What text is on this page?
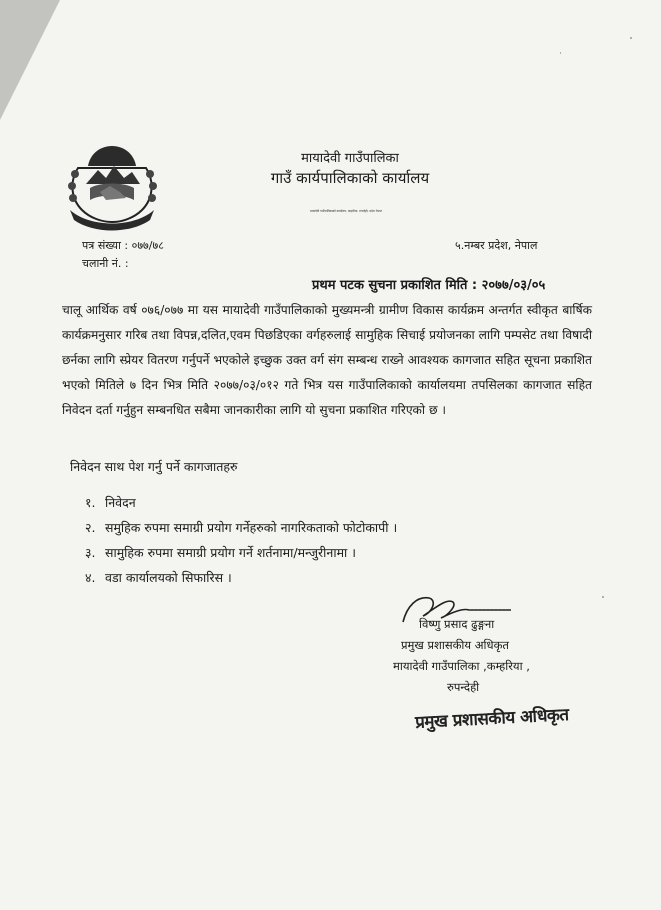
मायादेवी गाउँपालिका
गाउँ कार्यपालिकाको कार्यालय
मायादेवी गाउँपालिकाको कार्यालय, कम्हरिया, रुपन्देही, प्रदेश नेपाल
पत्र संख्या : ०७७/७८
चलानी नं. :
५.नम्बर प्रदेश, नेपाल
प्रथम पटक सुचना प्रकाशित मिति : २०७७/०३/०५
चालू आर्थिक वर्ष ०७६/०७७ मा यस मायादेवी गाउँपालिकाको मुख्यमन्त्री ग्रामीण विकास कार्यक्रम अन्तर्गत स्वीकृत बार्षिक कार्यक्रमनुसार गरिब तथा विपन्न,दलित,एवम पिछडिएका वर्गहरुलाई सामुहिक सिचाई प्रयोजनका लागि पम्पसेट तथा विषादी छर्नका लागि स्प्रेयर वितरण गर्नुपर्ने भएकोले इच्छुक उक्त वर्ग संग सम्बन्ध राख्ने आवश्यक कागजात सहित सूचना प्रकाशित भएको मितिले ७ दिन भित्र मिति २०७७/०३/०१२ गते भित्र यस गाउँपालिकाको कार्यालयमा तपसिलका कागजात सहित निवेदन दर्ता गर्नुहुन सम्बनधित सबैमा जानकारीका लागि यो सुचना प्रकाशित गरिएको छ ।
निवेदन साथ पेश गर्नु पर्ने कागजातहरु
१. निवेदन
२. समुहिक रुपमा समाग्री प्रयोग गर्नेहरुको नागरिकताको फोटोकापी ।
३. सामुहिक रुपमा समाग्री प्रयोग गर्ने शर्तनामा/मन्जुरीनामा ।
४. वडा कार्यालयको सिफारिस ।
विष्णु प्रसाद ढुङ्गना
प्रमुख प्रशासकीय अधिकृत
मायादेवी गाउँपालिका ,कम्हरिया ,
रुपन्देही
प्रमुख प्रशासकीय अधिकृत
